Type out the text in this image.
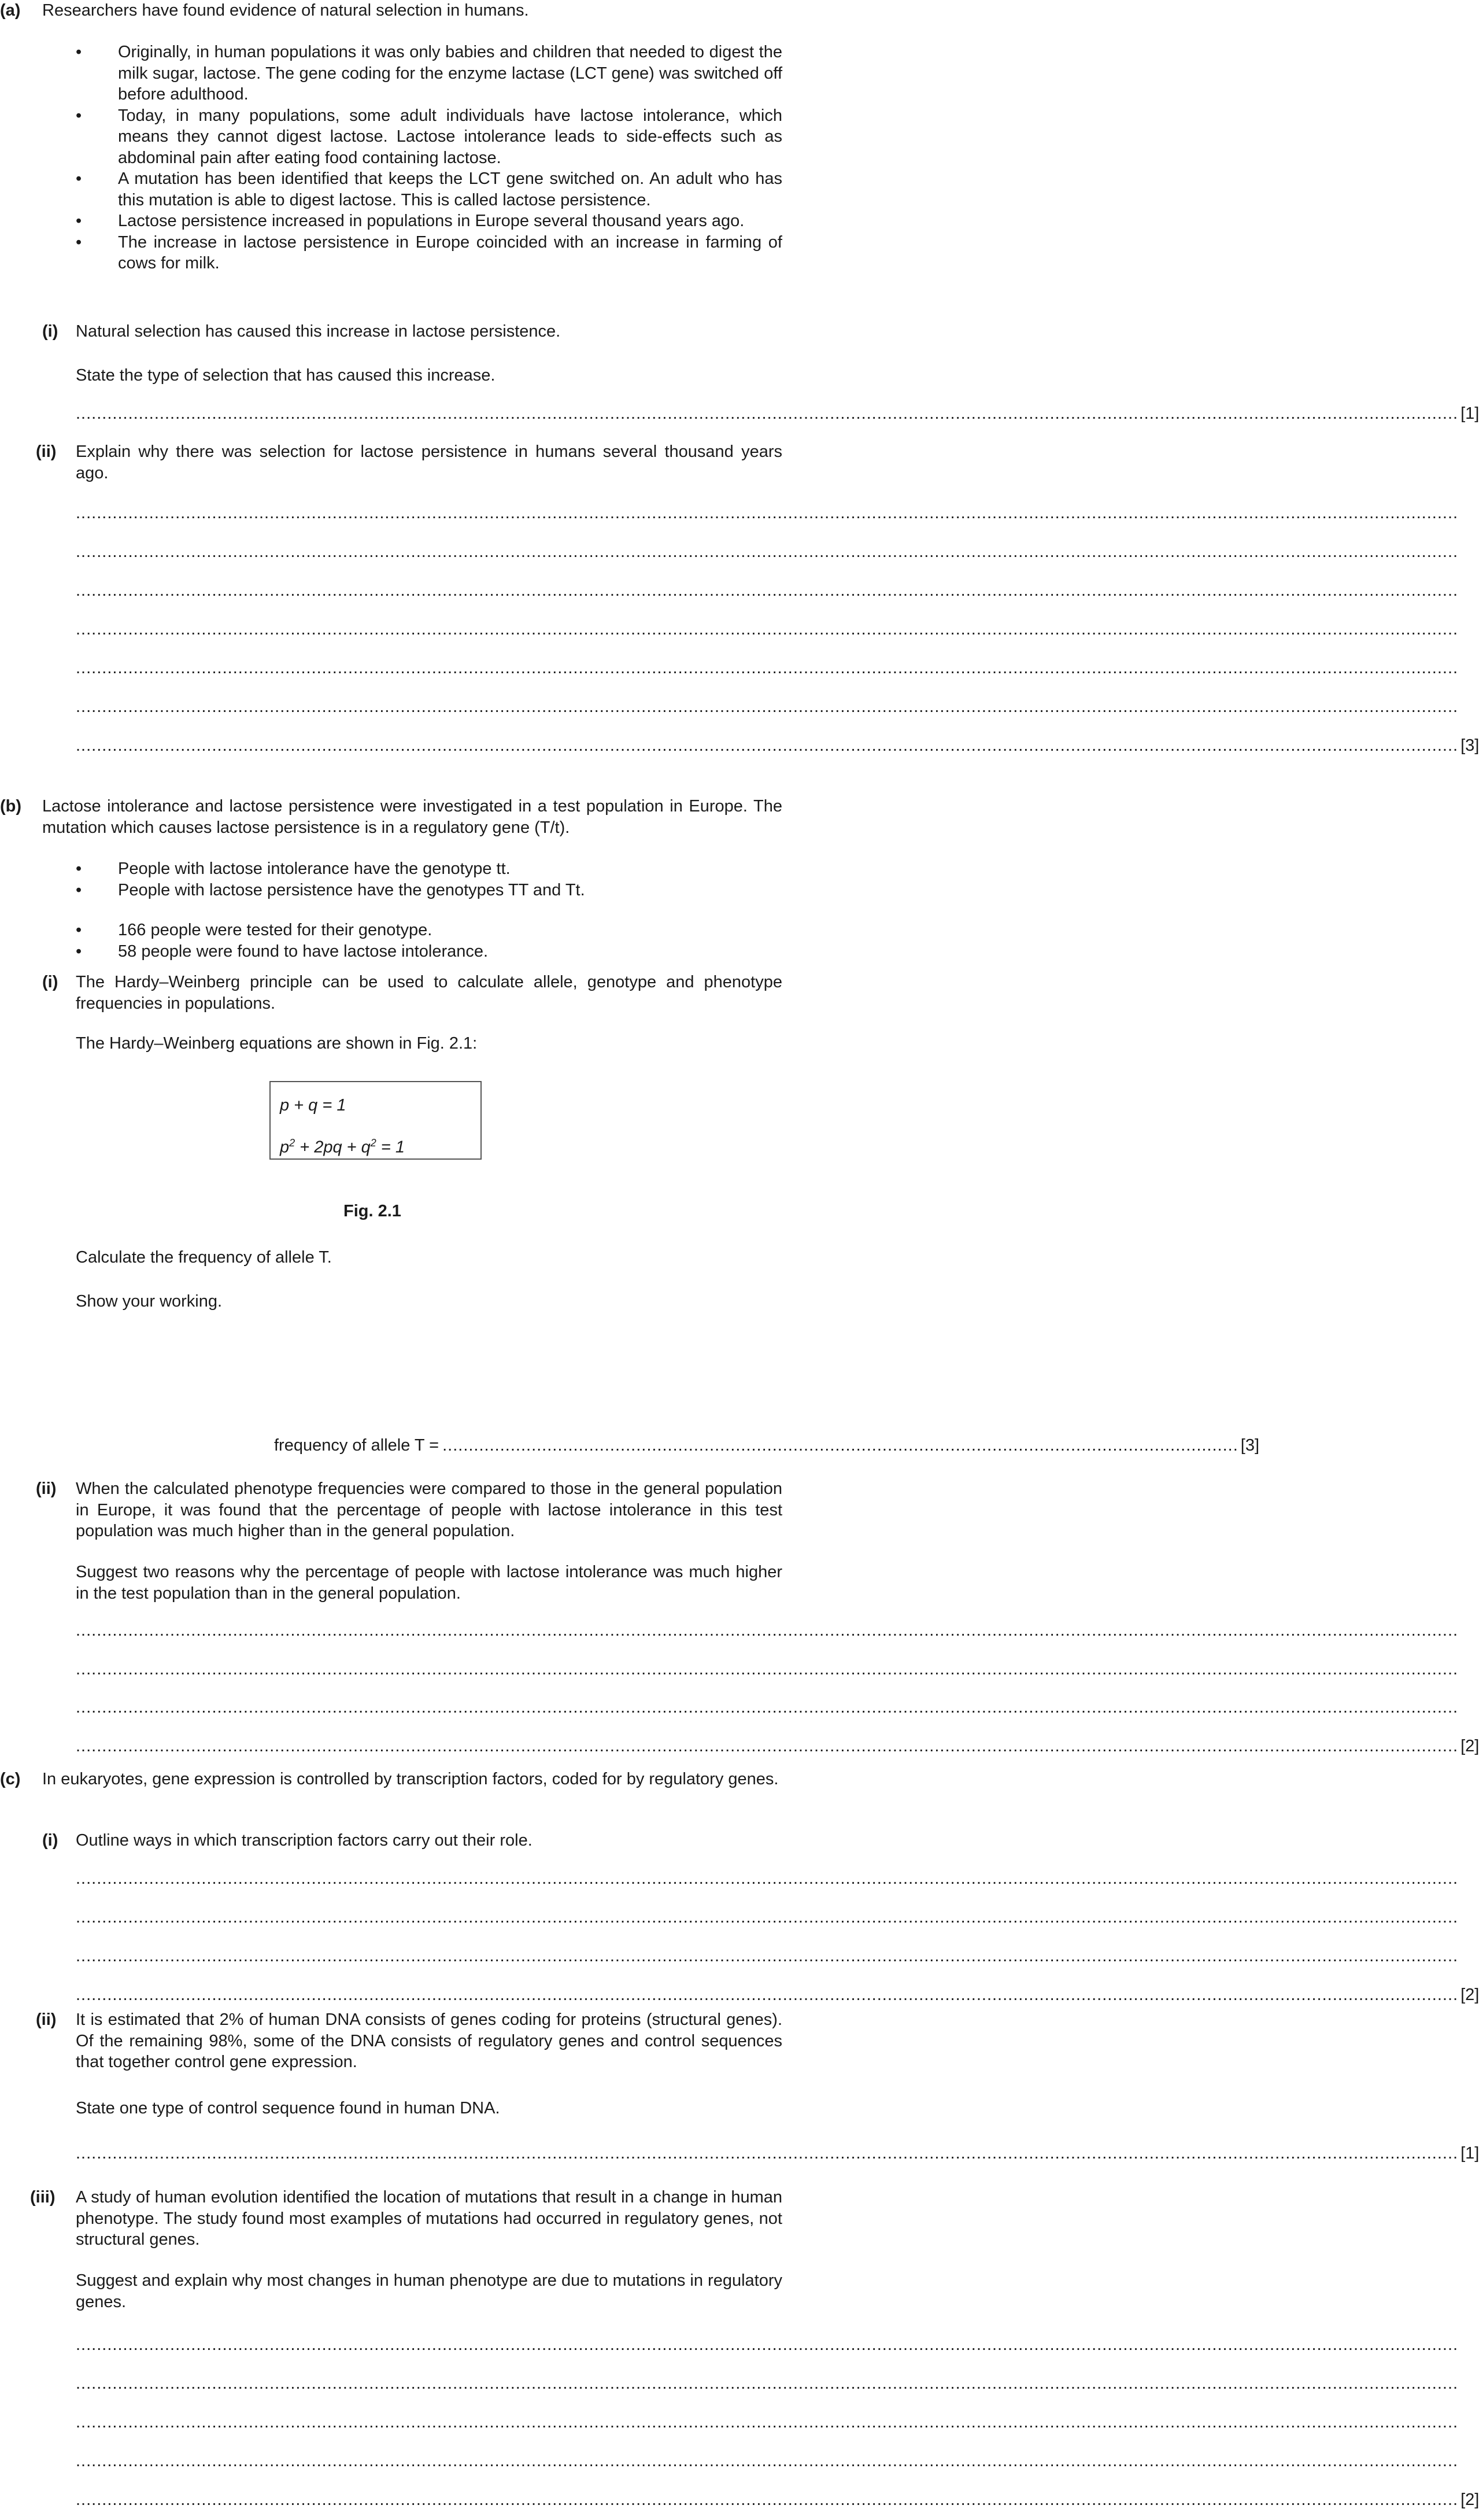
(a) Researchers have found evidence of natural selection in humans.
• Originally, in human populations it was only babies and children that needed to digest the milk sugar, lactose. The gene coding for the enzyme lactase (LCT gene) was switched off before adulthood.
• Today, in many populations, some adult individuals have lactose intolerance, which means they cannot digest lactose. Lactose intolerance leads to side-effects such as abdominal pain after eating food containing lactose.
• A mutation has been identified that keeps the LCT gene switched on. An adult who has this mutation is able to digest lactose. This is called lactose persistence.
• Lactose persistence increased in populations in Europe several thousand years ago.
• The increase in lactose persistence in Europe coincided with an increase in farming of cows for milk.
(i) Natural selection has caused this increase in lactose persistence.
State the type of selection that has caused this increase.
........................................................................................................................................................................................................................................................................ [1]
(ii) Explain why there was selection for lactose persistence in humans several thousand years ago.
........................................................................................................................................................................................................................................................................
........................................................................................................................................................................................................................................................................
........................................................................................................................................................................................................................................................................
........................................................................................................................................................................................................................................................................
........................................................................................................................................................................................................................................................................
........................................................................................................................................................................................................................................................................
........................................................................................................................................................................................................................................................................ [3]
(b) Lactose intolerance and lactose persistence were investigated in a test population in Europe. The mutation which causes lactose persistence is in a regulatory gene (T/t).
• People with lactose intolerance have the genotype tt.
• People with lactose persistence have the genotypes TT and Tt.
• 166 people were tested for their genotype.
• 58 people were found to have lactose intolerance.
(i) The Hardy–Weinberg principle can be used to calculate allele, genotype and phenotype frequencies in populations.
The Hardy–Weinberg equations are shown in Fig. 2.1:
p + q = 1
$p^2 + 2pq + q^2 = 1$
Fig. 2.1
Calculate the frequency of allele T.
Show your working.
frequency of allele T = ........................................................................................................................................................ [3]
(ii) When the calculated phenotype frequencies were compared to those in the general population in Europe, it was found that the percentage of people with lactose intolerance in this test population was much higher than in the general population.
Suggest two reasons why the percentage of people with lactose intolerance was much higher in the test population than in the general population.
........................................................................................................................................................................................................................................................................
........................................................................................................................................................................................................................................................................
........................................................................................................................................................................................................................................................................
........................................................................................................................................................................................................................................................................ [2]
(c) In eukaryotes, gene expression is controlled by transcription factors, coded for by regulatory genes.
(i) Outline ways in which transcription factors carry out their role.
........................................................................................................................................................................................................................................................................
........................................................................................................................................................................................................................................................................
........................................................................................................................................................................................................................................................................
........................................................................................................................................................................................................................................................................ [2]
(ii) It is estimated that 2% of human DNA consists of genes coding for proteins (structural genes). Of the remaining 98%, some of the DNA consists of regulatory genes and control sequences that together control gene expression.
State one type of control sequence found in human DNA.
........................................................................................................................................................................................................................................................................ [1]
(iii) A study of human evolution identified the location of mutations that result in a change in human phenotype. The study found most examples of mutations had occurred in regulatory genes, not structural genes.
Suggest and explain why most changes in human phenotype are due to mutations in regulatory genes.
........................................................................................................................................................................................................................................................................
........................................................................................................................................................................................................................................................................
........................................................................................................................................................................................................................................................................
........................................................................................................................................................................................................................................................................
........................................................................................................................................................................................................................................................................ [2]
